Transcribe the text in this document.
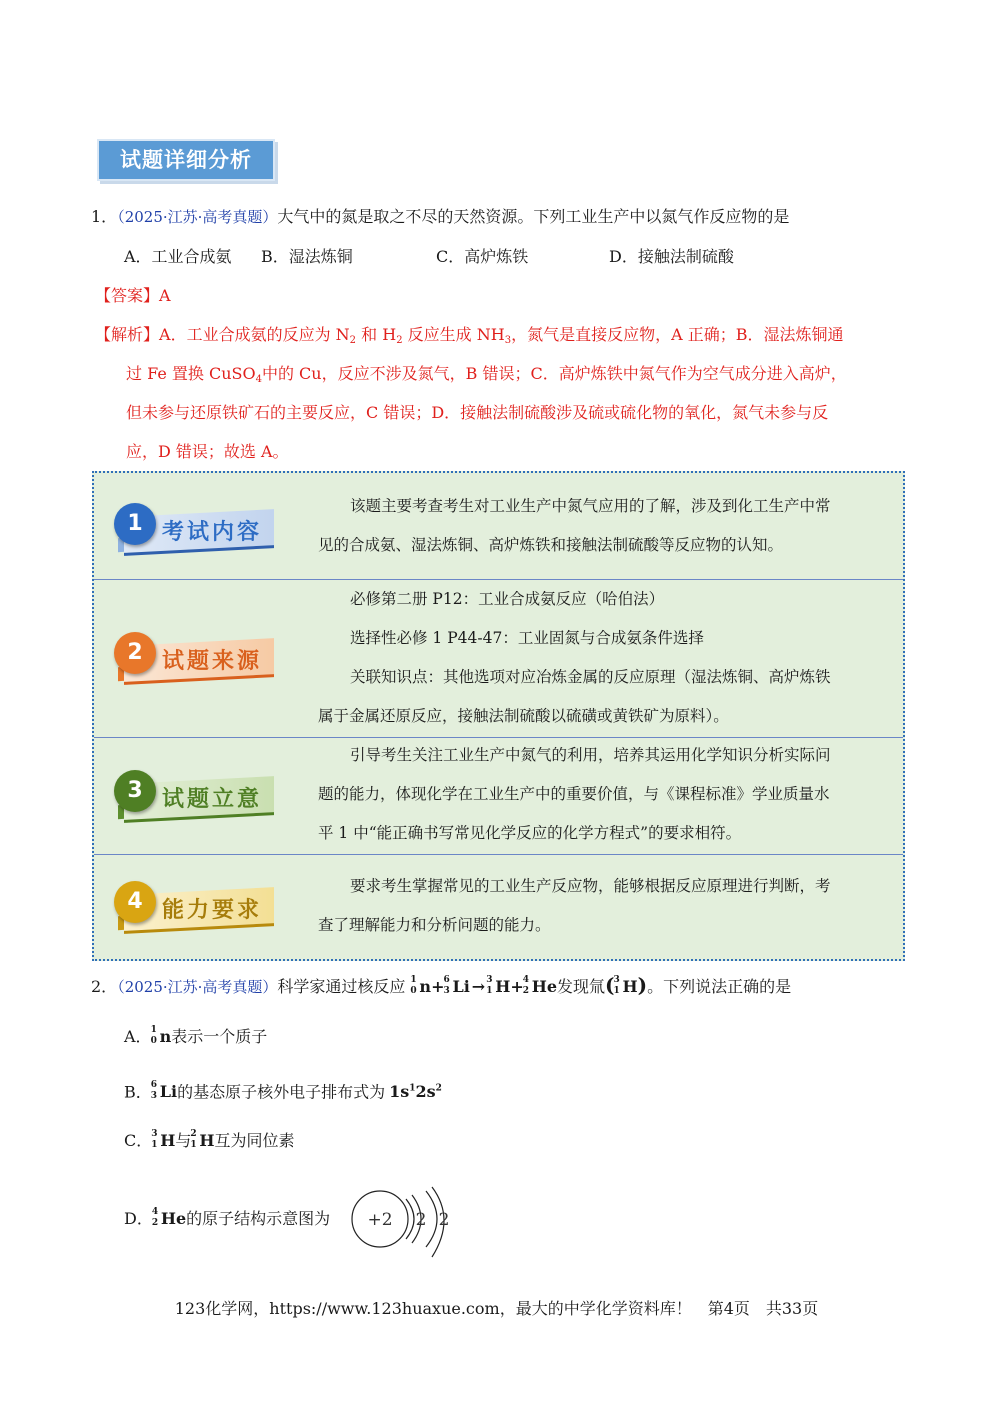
试题详细分析
1．（2025·江苏·高考真题）大气中的氮是取之不尽的天然资源。下列工业生产中以氮气作反应物的是
A．工业合成氨 B．湿法炼铜	C．高炉炼铁	D．接触法制硫酸
【答案】A
【解析】A．工业合成氨的反应为 $N_2$ 和 $H_2$ 反应生成 $NH_3$，氮气是直接反应物，A 正确；B．湿法炼铜通
过 Fe 置换 CuSO$_4$中的 Cu，反应不涉及氮气，B 错误；C．高炉炼铁中氮气作为空气成分进入高炉，
但未参与还原铁矿石的主要反应，C 错误；D．接触法制硫酸涉及硫或硫化物的氧化，氮气未参与反
应，D 错误；故选 A。
1 考试内容
该题主要考查考生对工业生产中氮气应用的了解，涉及到化工生产中常
见的合成氨、湿法炼铜、高炉炼铁和接触法制硫酸等反应物的认知。
2 试题来源
必修第二册 P12：工业合成氨反应（哈伯法）
选择性必修 1 P44-47：工业固氮与合成氨条件选择
关联知识点：其他选项对应冶炼金属的反应原理（湿法炼铜、高炉炼铁
属于金属还原反应，接触法制硫酸以硫磺或黄铁矿为原料）。
3 试题立意
引导考生关注工业生产中氮气的利用，培养其运用化学知识分析实际问
题的能力，体现化学在工业生产中的重要价值，与《课程标准》学业质量水
平 1 中“能正确书写常见化学反应的化学方程式”的要求相符。
4 能力要求
要求考生掌握常见的工业生产反应物，能够根据反应原理进行判断，考
查了理解能力和分析问题的能力。
2．（2025·江苏·高考真题）科学家通过核反应 1
0 n+ 6
3 Li → 3
1 H+ 4
2 He发现氚( 3
1 H)。下列说法正确的是
A． 1
0 n表示一个质子
B． 6
3 Li的基态原子核外电子排布式为 $1s^12s^2$
C． 3
1 H与 2
1 H互为同位素
D． 4
2 He的原子结构示意图为 +2 2 2
123化学网，https://www.123huaxue.com，最大的中学化学资料库！　第4页　共33页
